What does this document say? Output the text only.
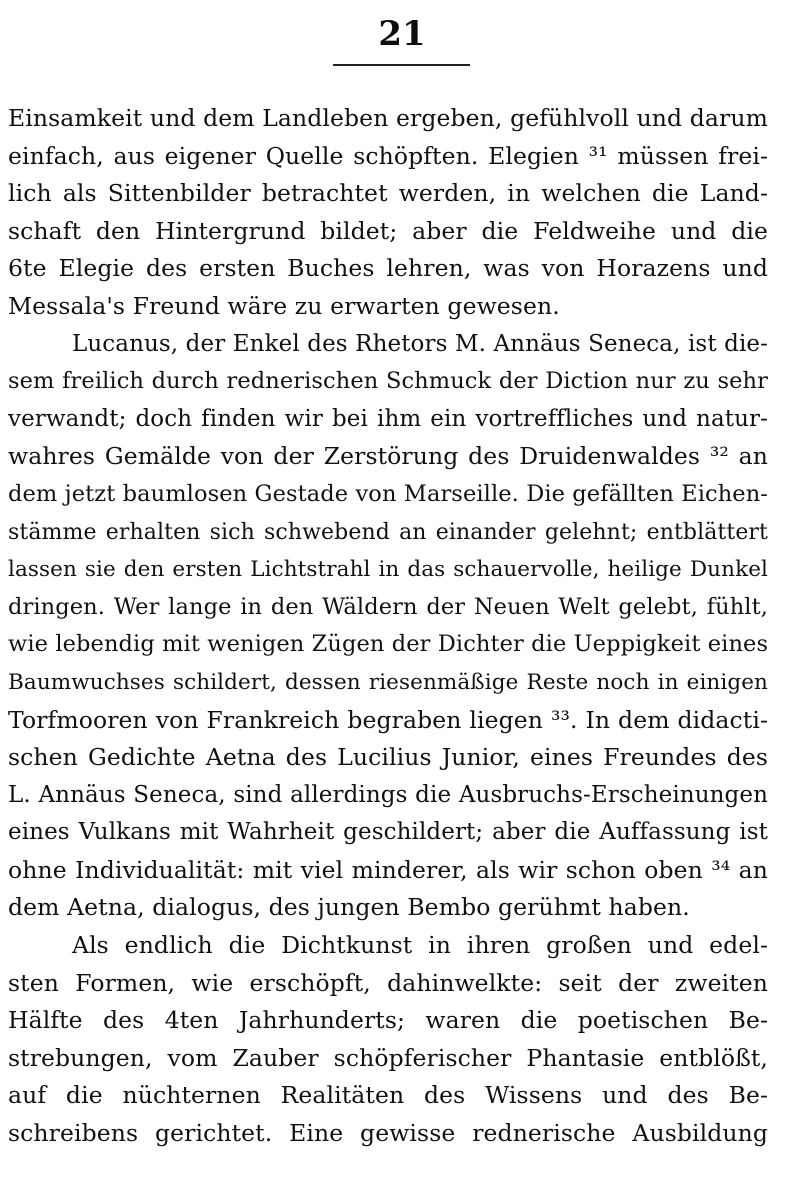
21
Einsamkeit und dem Landleben ergeben, gefühlvoll und darum
einfach, aus eigener Quelle schöpften. Elegien ³¹ müssen frei-
lich als Sittenbilder betrachtet werden, in welchen die Land-
schaft den Hintergrund bildet; aber die Feldweihe und die
6te Elegie des ersten Buches lehren, was von Horazens und
Messala's Freund wäre zu erwarten gewesen.
Lucanus, der Enkel des Rhetors M. Annäus Seneca, ist die-
sem freilich durch rednerischen Schmuck der Diction nur zu sehr
verwandt; doch finden wir bei ihm ein vortreffliches und natur-
wahres Gemälde von der Zerstörung des Druidenwaldes ³² an
dem jetzt baumlosen Gestade von Marseille. Die gefällten Eichen-
stämme erhalten sich schwebend an einander gelehnt; entblättert
lassen sie den ersten Lichtstrahl in das schauervolle, heilige Dunkel
dringen. Wer lange in den Wäldern der Neuen Welt gelebt, fühlt,
wie lebendig mit wenigen Zügen der Dichter die Ueppigkeit eines
Baumwuchses schildert, dessen riesenmäßige Reste noch in einigen
Torfmooren von Frankreich begraben liegen ³³. In dem didacti-
schen Gedichte Aetna des Lucilius Junior, eines Freundes des
L. Annäus Seneca, sind allerdings die Ausbruchs-Erscheinungen
eines Vulkans mit Wahrheit geschildert; aber die Auffassung ist
ohne Individualität: mit viel minderer, als wir schon oben ³⁴ an
dem Aetna, dialogus, des jungen Bembo gerühmt haben.
Als endlich die Dichtkunst in ihren großen und edel-
sten Formen, wie erschöpft, dahinwelkte: seit der zweiten
Hälfte des 4ten Jahrhunderts; waren die poetischen Be-
strebungen, vom Zauber schöpferischer Phantasie entblößt,
auf die nüchternen Realitäten des Wissens und des Be-
schreibens gerichtet. Eine gewisse rednerische Ausbildung
